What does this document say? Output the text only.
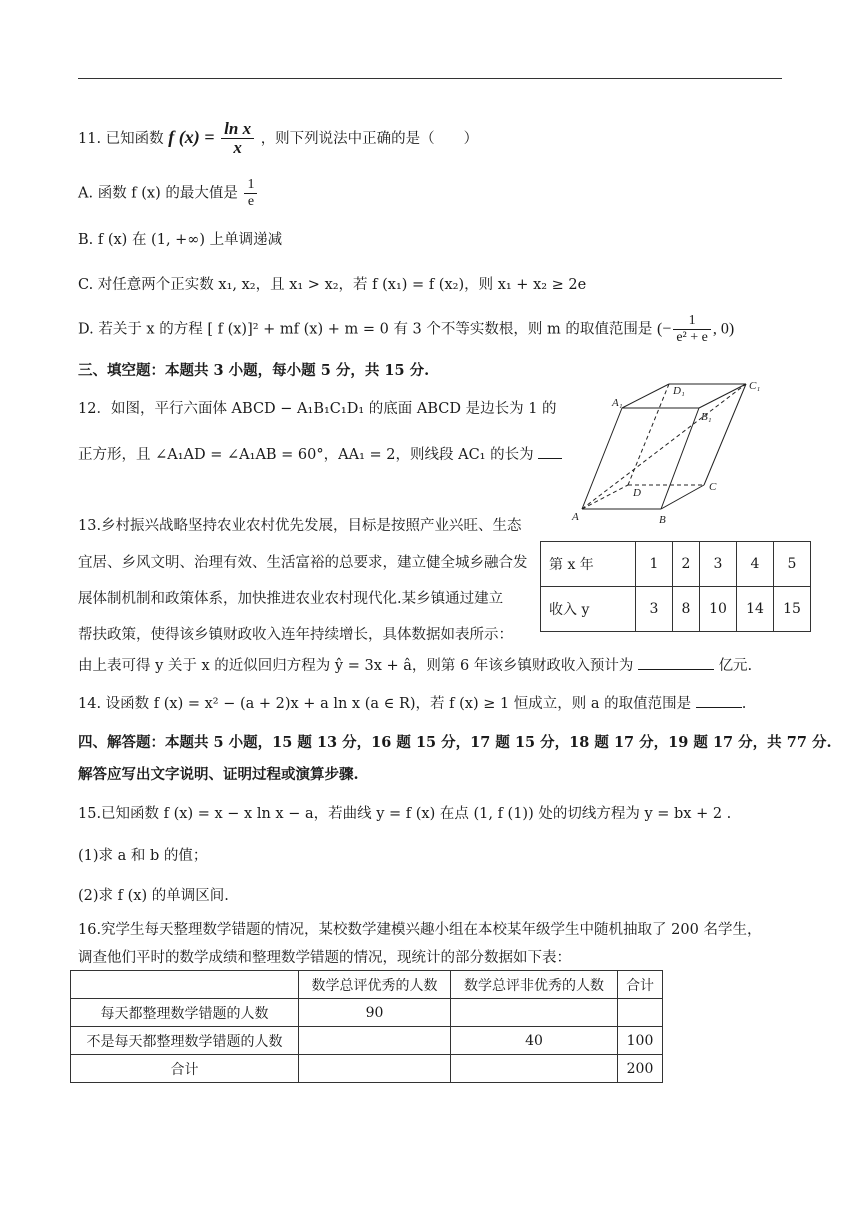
11. 已知函数 f $(x) = \frac{\text{ln x}}{x}$ ，则下列说法中正确的是（　　）
A. 函数 f (x) 的最大值是 $\frac{1}{e}$
B. f (x) 在 (1, +∞) 上单调递减
C. 对任意两个正实数 x₁, x₂，且 x₁ > x₂，若 f (x₁) = f (x₂)，则 x₁ + x₂ ≥ 2e
D. 若关于 x 的方程 [ f (x)]² + mf (x) + m = 0 有 3 个不等实数根，则 m 的取值范围是 (− $\frac{1}{\text{e² + e}}$ , 0)
三、填空题：本题共 3 小题，每小题 5 分，共 15 分.
12．如图，平行六面体 ABCD − A₁B₁C₁D₁ 的底面 ABCD 是边长为 1 的
正方形，且 ∠A₁AD = ∠A₁AB = 60°，AA₁ = 2，则线段 AC₁ 的长为
A	B
C
D
A₁
B₁
C₁
D₁
13.乡村振兴战略坚持农业农村优先发展，目标是按照产业兴旺、生态
宜居、乡风文明、治理有效、生活富裕的总要求，建立健全城乡融合发
展体制机制和政策体系，加快推进农业农村现代化.某乡镇通过建立
帮扶政策，使得该乡镇财政收入连年持续增长，具体数据如表所示：
第 x 年	1	2	3	4	5
收入 y	3	8	10	14	15
由上表可得 y 关于 x 的近似回归方程为 ŷ = 3x + â，则第 6 年该乡镇财政收入预计为	亿元.
14. 设函数 f (x) = x² − (a + 2)x + a ln x (a ∈ R)，若 f (x) ≥ 1 恒成立，则 a 的取值范围是	.
四、解答题：本题共 5 小题，15 题 13 分，16 题 15 分，17 题 15 分，18 题 17 分，19 题 17 分，共 77 分.
解答应写出文字说明、证明过程或演算步骤.
15.已知函数 f (x) = x − x ln x − a，若曲线 y = f (x) 在点 (1, f (1)) 处的切线方程为 y = bx + 2 .
(1)求 a 和 b 的值；
(2)求 f (x) 的单调区间.
16.究学生每天整理数学错题的情况，某校数学建模兴趣小组在本校某年级学生中随机抽取了 200 名学生，
调查他们平时的数学成绩和整理数学错题的情况，现统计的部分数据如下表：
	数学总评优秀的人数	数学总评非优秀的人数	合计
每天都整理数学错题的人数	90		
不是每天都整理数学错题的人数		40	100
合计			200
